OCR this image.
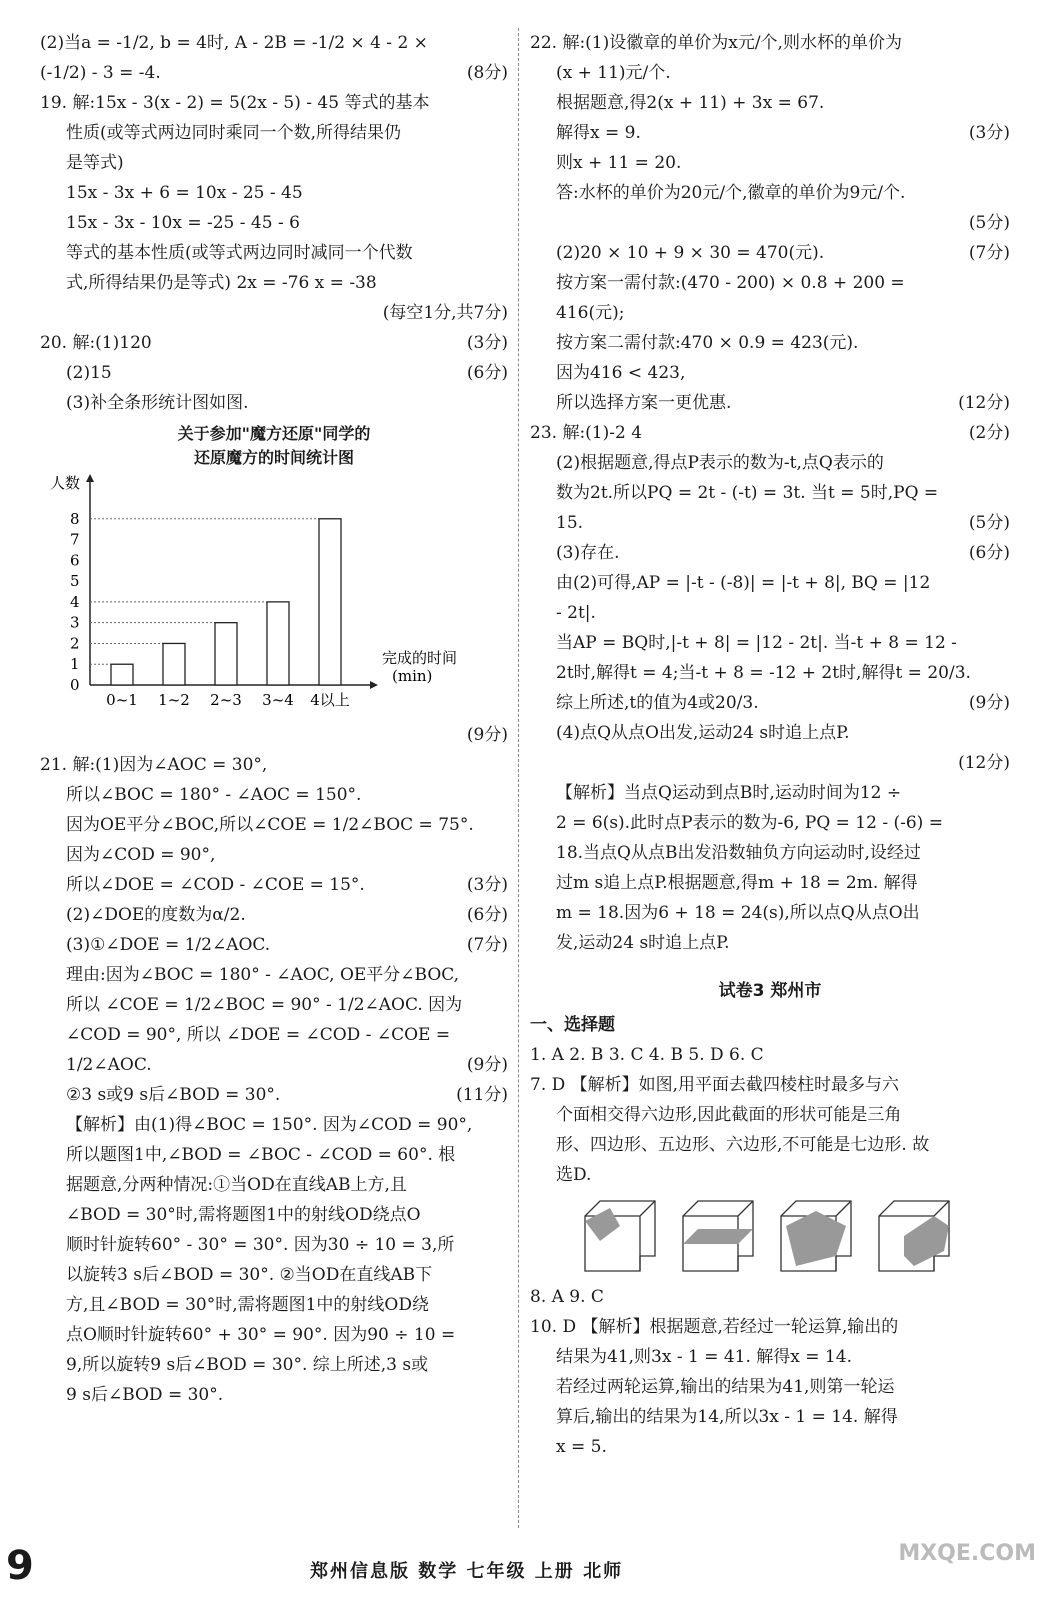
(2)当a = -1/2, b = 4时, A - 2B = -1/2 × 4 - 2 ×
(-1/2) - 3 = -4.	(8分)
19. 解:15x - 3(x - 2) = 5(2x - 5) - 45 等式的基本
性质(或等式两边同时乘同一个数,所得结果仍
是等式)
15x - 3x + 6 = 10x - 25 - 45
15x - 3x - 10x = -25 - 45 - 6
等式的基本性质(或等式两边同时减同一个代数
式,所得结果仍是等式) 2x = -76 x = -38
(每空1分,共7分)
20. 解:(1)120	(3分)
(2)15	(6分)
(3)补全条形统计图如图.
关于参加"魔方还原"同学的
还原魔方的时间统计图
人数
0
1
2
3
4
5
6
7
8
0~1 1~2 2~3 3~4 4以上
完成的时间
(min)
(9分)
21. 解:(1)因为∠AOC = 30°,
所以∠BOC = 180° - ∠AOC = 150°.
因为OE平分∠BOC,所以∠COE = 1/2∠BOC = 75°.
因为∠COD = 90°,
所以∠DOE = ∠COD - ∠COE = 15°.	(3分)
(2)∠DOE的度数为α/2.	(6分)
(3)①∠DOE = 1/2∠AOC.	(7分)
理由:因为∠BOC = 180° - ∠AOC, OE平分∠BOC,
所以 ∠COE = 1/2∠BOC = 90° - 1/2∠AOC. 因为
∠COD = 90°, 所以 ∠DOE = ∠COD - ∠COE =
1/2∠AOC.	(9分)
②3 s或9 s后∠BOD = 30°.	(11分)
【解析】由(1)得∠BOC = 150°. 因为∠COD = 90°,
所以题图1中,∠BOD = ∠BOC - ∠COD = 60°. 根
据题意,分两种情况:①当OD在直线AB上方,且
∠BOD = 30°时,需将题图1中的射线OD绕点O
顺时针旋转60° - 30° = 30°. 因为30 ÷ 10 = 3,所
以旋转3 s后∠BOD = 30°. ②当OD在直线AB下
方,且∠BOD = 30°时,需将题图1中的射线OD绕
点O顺时针旋转60° + 30° = 90°. 因为90 ÷ 10 =
9,所以旋转9 s后∠BOD = 30°. 综上所述,3 s或
9 s后∠BOD = 30°.
22. 解:(1)设徽章的单价为x元/个,则水杯的单价为
(x + 11)元/个.
根据题意,得2(x + 11) + 3x = 67.
解得x = 9.	(3分)
则x + 11 = 20.
答:水杯的单价为20元/个,徽章的单价为9元/个.
(5分)
(2)20 × 10 + 9 × 30 = 470(元).	(7分)
按方案一需付款:(470 - 200) × 0.8 + 200 =
416(元);
按方案二需付款:470 × 0.9 = 423(元).
因为416 < 423,
所以选择方案一更优惠.	(12分)
23. 解:(1)-2 4	(2分)
(2)根据题意,得点P表示的数为-t,点Q表示的
数为2t.所以PQ = 2t - (-t) = 3t. 当t = 5时,PQ =
15.	(5分)
(3)存在.	(6分)
由(2)可得,AP = |-t - (-8)| = |-t + 8|, BQ = |12
- 2t|.
当AP = BQ时,|-t + 8| = |12 - 2t|. 当-t + 8 = 12 -
2t时,解得t = 4;当-t + 8 = -12 + 2t时,解得t = 20/3.
综上所述,t的值为4或20/3.	(9分)
(4)点Q从点O出发,运动24 s时追上点P.
(12分)
【解析】当点Q运动到点B时,运动时间为12 ÷
2 = 6(s).此时点P表示的数为-6, PQ = 12 - (-6) =
18.当点Q从点B出发沿数轴负方向运动时,设经过
过m s追上点P.根据题意,得m + 18 = 2m. 解得
m = 18.因为6 + 18 = 24(s),所以点Q从点O出
发,运动24 s时追上点P.
试卷3 郑州市
一、选择题
1. A 2. B 3. C 4. B 5. D 6. C
7. D 【解析】如图,用平面去截四棱柱时最多与六
个面相交得六边形,因此截面的形状可能是三角
形、四边形、五边形、六边形,不可能是七边形. 故
选D.
8. A 9. C
10. D 【解析】根据题意,若经过一轮运算,输出的
结果为41,则3x - 1 = 41. 解得x = 14.
若经过两轮运算,输出的结果为41,则第一轮运
算后,输出的结果为14,所以3x - 1 = 14. 解得
x = 5.
9	郑州信息版 数学 七年级 上册 北师
MXQE.COM
